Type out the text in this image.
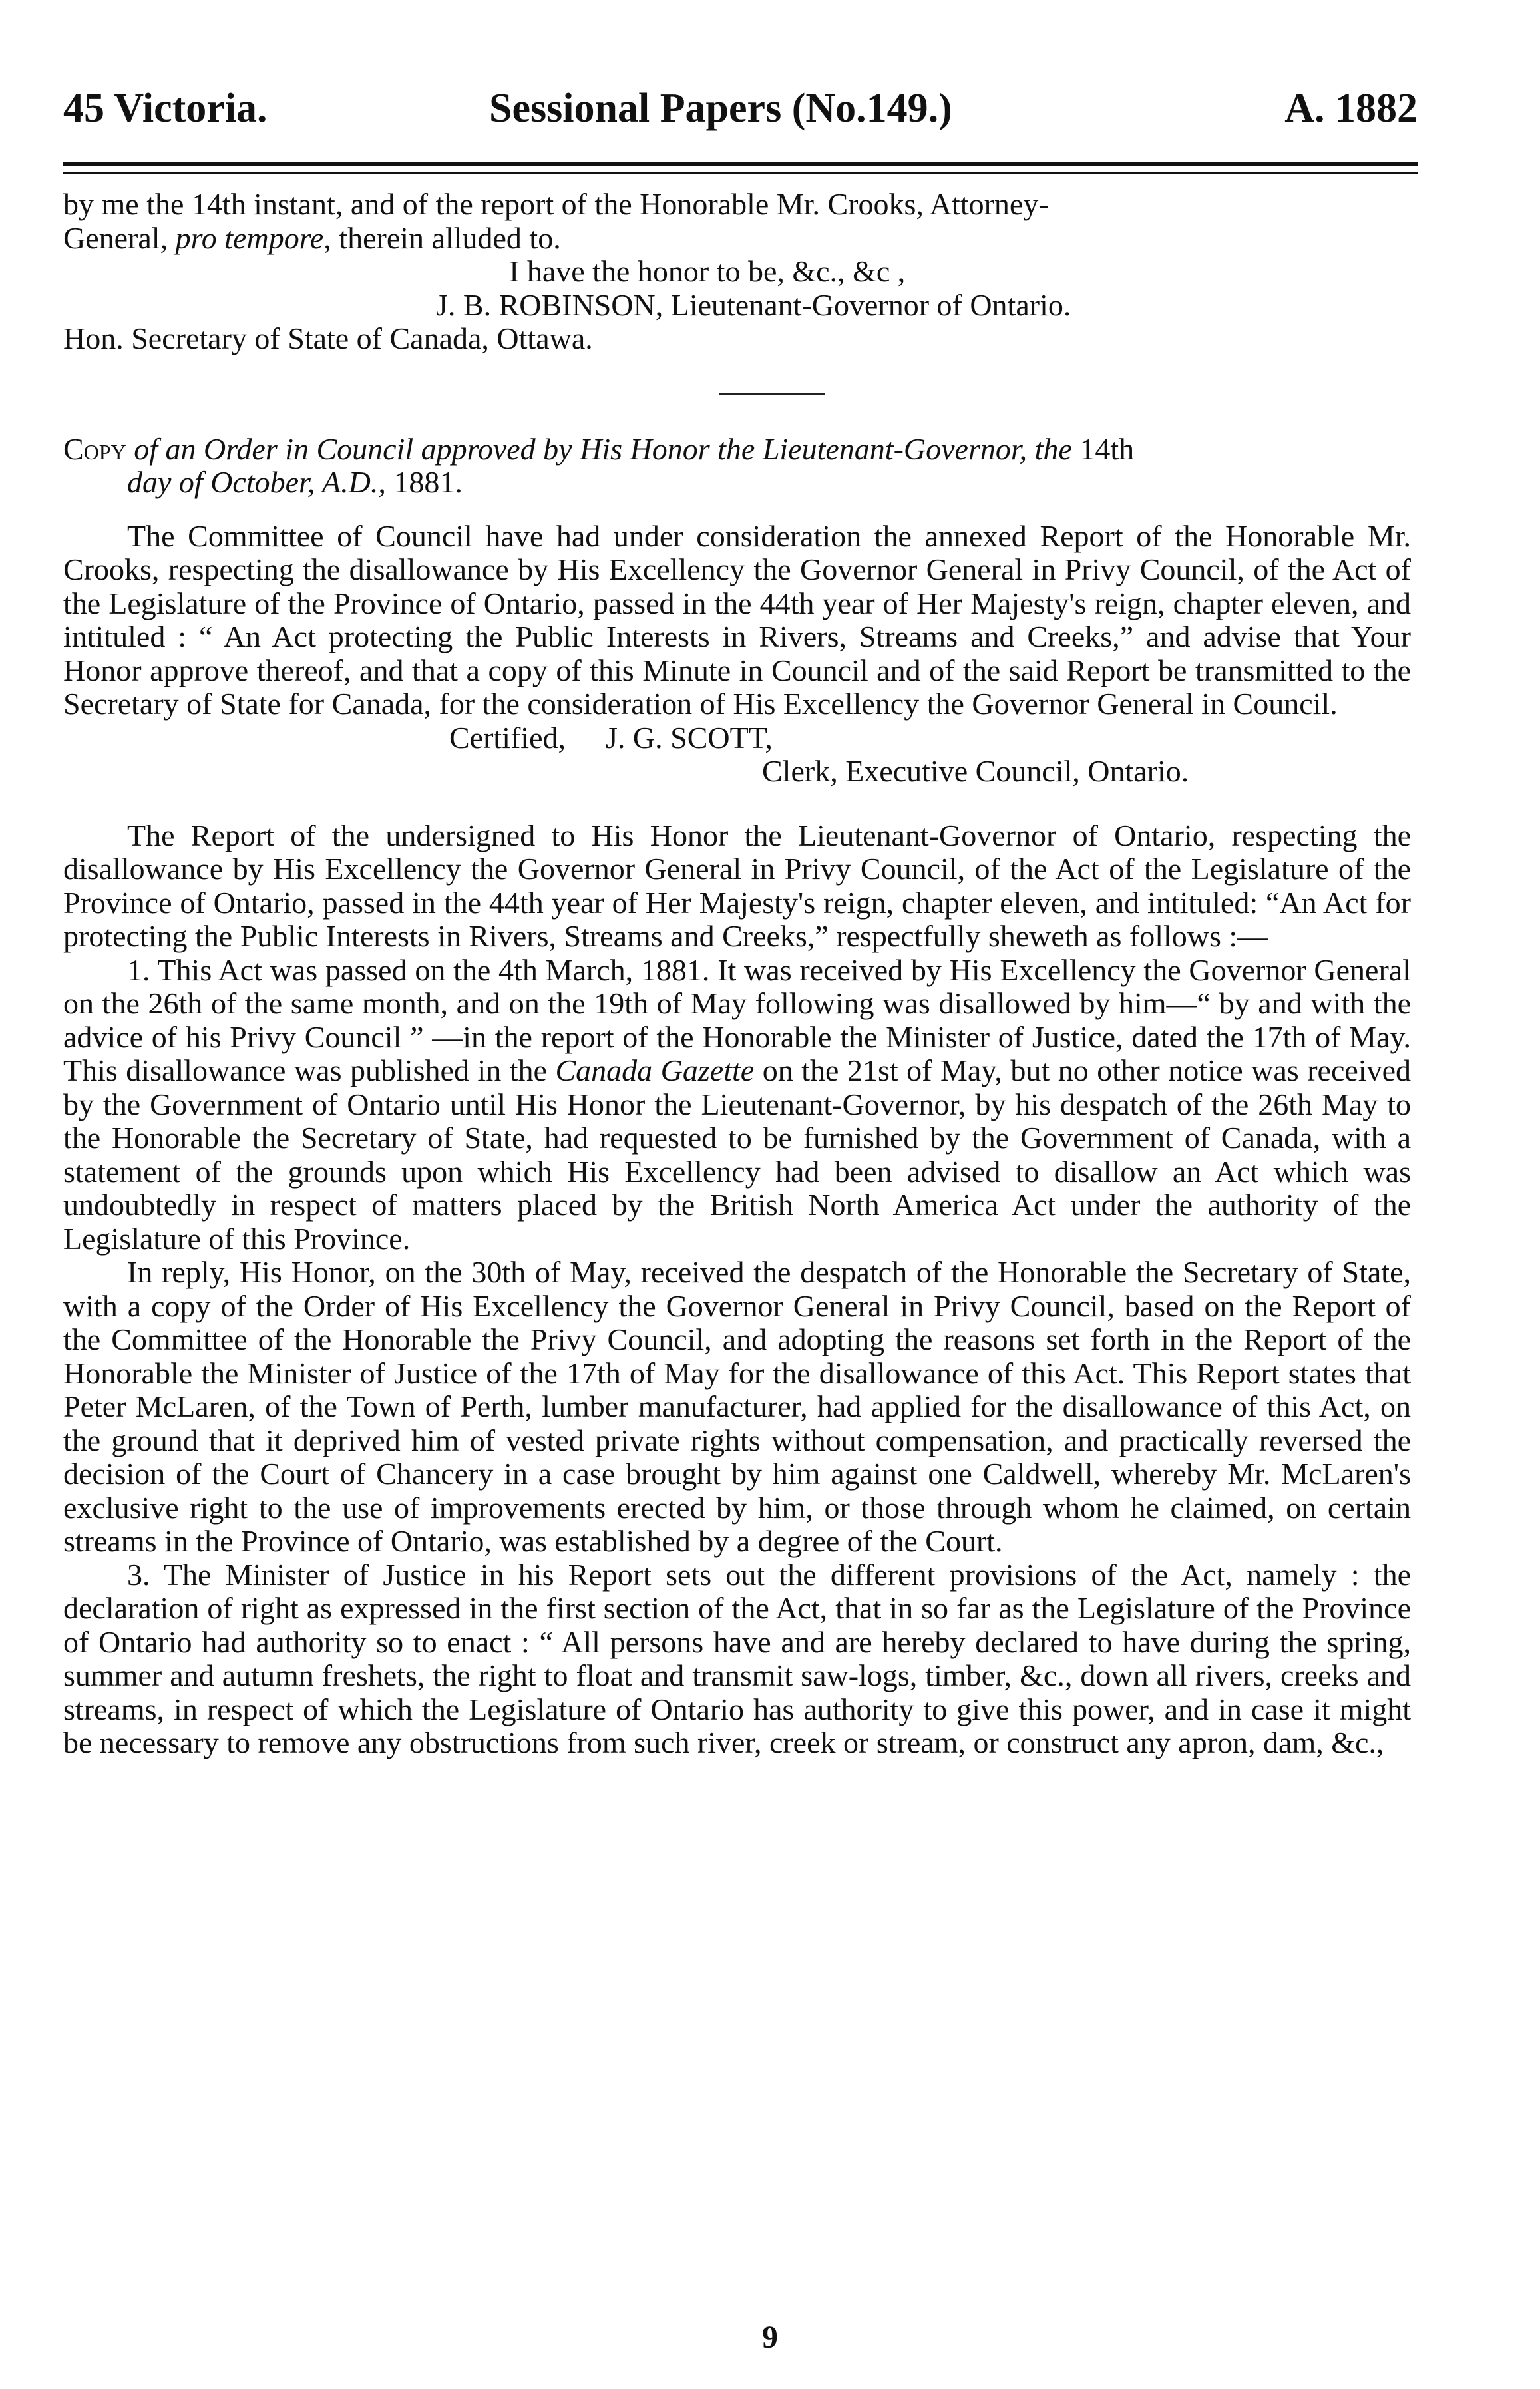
45 Victoria.	Sessional Papers (No.149.)	A. 1882

by me the 14th instant, and of the report of the Honorable Mr. Crooks, Attorney-
General, pro tempore, therein alluded to.

I have the honor to be, &c., &c ,

J. B. ROBINSON, Lieutenant-Governor of Ontario.

Hon. Secretary of State of Canada, Ottawa.

Copy of an Order in Council approved by His Honor the Lieutenant-Governor, the 14th
day of October, A.D., 1881.

The Committee of Council have had under consideration the annexed Report of the Honorable Mr. Crooks, respecting the disallowance by His Excellency the Governor General in Privy Council, of the Act of the Legislature of the Province of Ontario, passed in the 44th year of Her Majesty's reign, chapter eleven, and intituled : “ An Act protecting the Public Interests in Rivers, Streams and Creeks,” and advise that Your Honor approve thereof, and that a copy of this Minute in Council and of the said Report be transmitted to the Secretary of State for Canada, for the consideration of His Excellency the Governor General in Council.

Certified, J. G. SCOTT,

Clerk, Executive Council, Ontario.

The Report of the undersigned to His Honor the Lieutenant-Governor of Ontario, respecting the disallowance by His Excellency the Governor General in Privy Council, of the Act of the Legislature of the Province of Ontario, passed in the 44th year of Her Majesty's reign, chapter eleven, and intituled: “An Act for protecting the Public Interests in Rivers, Streams and Creeks,” respectfully sheweth as follows :—

1. This Act was passed on the 4th March, 1881. It was received by His Excellency the Governor General on the 26th of the same month, and on the 19th of May following was disallowed by him—“ by and with the advice of his Privy Council ” —in the report of the Honorable the Minister of Justice, dated the 17th of May. This disallowance was published in the Canada Gazette on the 21st of May, but no other notice was received by the Government of Ontario until His Honor the Lieutenant-Governor, by his despatch of the 26th May to the Honorable the Secretary of State, had requested to be furnished by the Government of Canada, with a statement of the grounds upon which His Excellency had been advised to disallow an Act which was undoubtedly in respect of matters placed by the British North America Act under the authority of the Legislature of this Province.

In reply, His Honor, on the 30th of May, received the despatch of the Honorable the Secretary of State, with a copy of the Order of His Excellency the Governor General in Privy Council, based on the Report of the Committee of the Honorable the Privy Council, and adopting the reasons set forth in the Report of the Honorable the Minister of Justice of the 17th of May for the disallowance of this Act. This Report states that Peter McLaren, of the Town of Perth, lumber manufacturer, had applied for the disallowance of this Act, on the ground that it deprived him of vested private rights without compensation, and practically reversed the decision of the Court of Chancery in a case brought by him against one Caldwell, whereby Mr. McLaren's exclusive right to the use of improvements erected by him, or those through whom he claimed, on certain streams in the Province of Ontario, was established by a degree of the Court.

3. The Minister of Justice in his Report sets out the different provisions of the Act, namely : the declaration of right as expressed in the first section of the Act, that in so far as the Legislature of the Province of Ontario had authority so to enact : “ All persons have and are hereby declared to have during the spring, summer and autumn freshets, the right to float and transmit saw-logs, timber, &c., down all rivers, creeks and streams, in respect of which the Legislature of Ontario has authority to give this power, and in case it might be necessary to remove any obstructions from such river, creek or stream, or construct any apron, dam, &c.,

9
